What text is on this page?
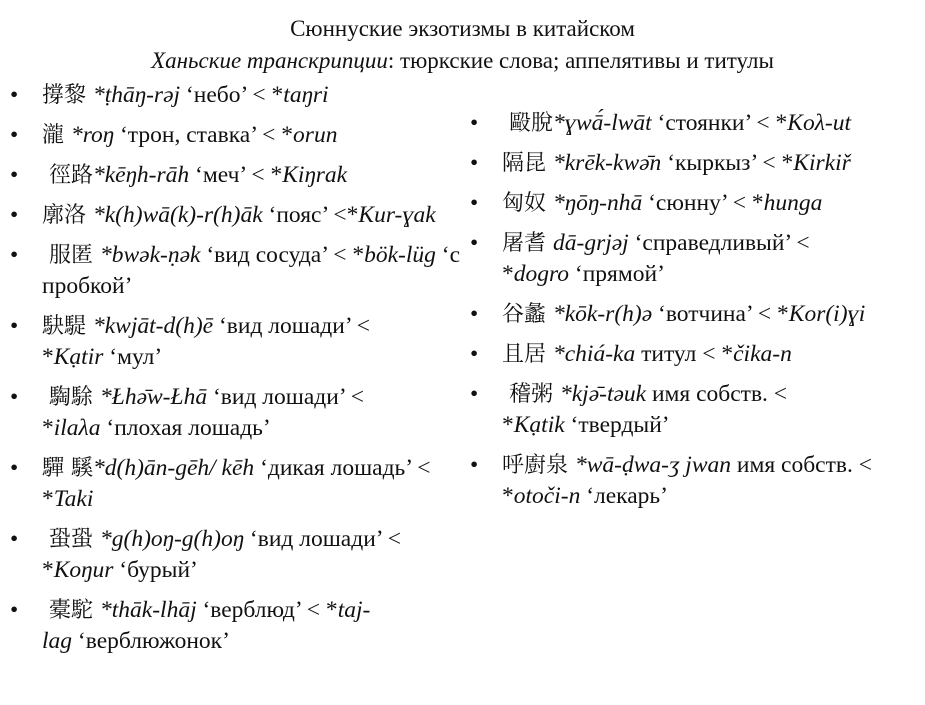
Сюннуские экзотизмы в китайском
Ханьские транскрипции: тюркские слова; аппелятивы и титулы
• 撐黎 *ṭhāŋ-rəj ‘небо’ < *taŋri
• 瀧 *roŋ ‘трон, ставка’ < *orun
•  徑路*kēŋh-rāh ‘меч’ < *Kiŋrak
• 廓洛 *k(h)wā(k)-r(h)āk ‘пояс’ <*Kur-ɣak
•  服匿 *bwək-ṇək ‘вид сосуда’ < *bök-lüg ‘с пробкой’
• 駃騠 *kwjāt-d(h)ē ‘вид лошади’ < *Kạtir ‘мул’
•  騊駼 *Łhə̄w-Łhā ‘вид лошади’ < *ilaλa ‘плохая лошадь’
• 驒 騱*d(h)ān-gēh/ kēh ‘дикая лошадь’ < *Taki
•  蛩蛩 *g(h)oŋ-g(h)oŋ ‘вид лошади’ < *Koŋur ‘бурый’
•  橐駝 *thāk-lhāj ‘верблюд’ < *taj-lag ‘верблюжонок’
•  毆脫*ɣwā́-lwāt ‘стоянки’ < *Koλ-ut
• 隔昆 *krēk-kwə̄n ‘кыркыз’ < *Kirkiř
• 匈奴 *ŋōŋ-nhā ‘сюнну’ < *hunga
• 屠耆 dā-grjəj ‘справедливый’ < *dogro ‘прямой’
• 谷蠡 *kōk-r(h)ə ‘вотчина’ < *Kor(i)ɣi
• 且居 *chiá-ka титул < *čika-n
•  稽粥 *kjə̄-təuk имя собств. < *Kạtik ‘твердый’
• 呼廚泉 *wā-ḍwa-ʒ jwan имя собств. < *otoči-n ‘лекарь’
